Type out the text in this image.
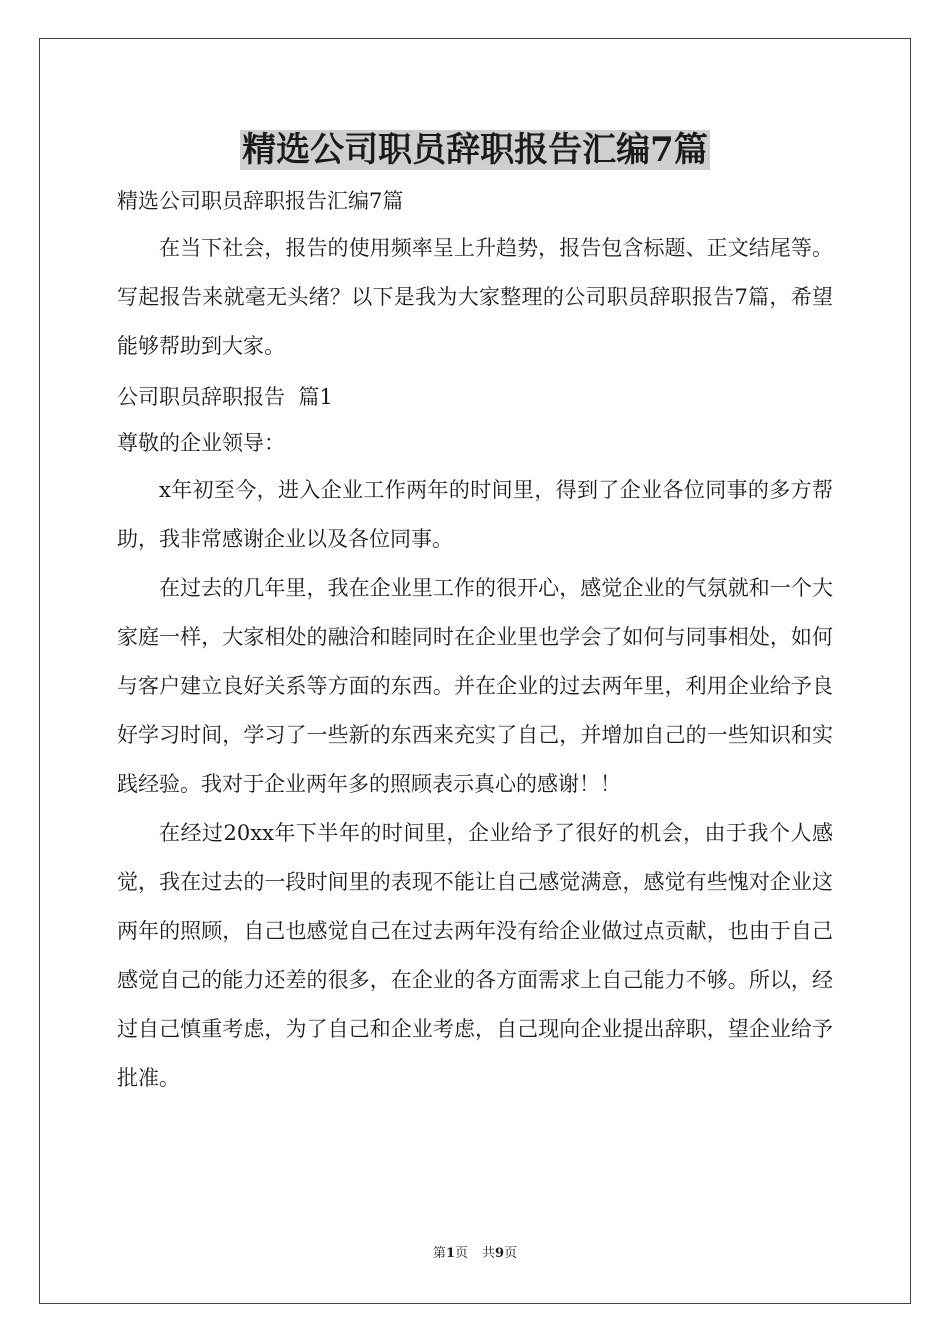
精选公司职员辞职报告汇编7篇

精选公司职员辞职报告汇编7篇

在当下社会，报告的使用频率呈上升趋势，报告包含标题、正文结尾等。写起报告来就毫无头绪？以下是我为大家整理的公司职员辞职报告7篇，希望能够帮助到大家。

公司职员辞职报告  篇1

尊敬的企业领导：

x年初至今，进入企业工作两年的时间里，得到了企业各位同事的多方帮助，我非常感谢企业以及各位同事。

在过去的几年里，我在企业里工作的很开心，感觉企业的气氛就和一个大家庭一样，大家相处的融洽和睦同时在企业里也学会了如何与同事相处，如何与客户建立良好关系等方面的东西。并在企业的过去两年里，利用企业给予良好学习时间，学习了一些新的东西来充实了自己，并增加自己的一些知识和实践经验。我对于企业两年多的照顾表示真心的感谢！！

在经过20xx年下半年的时间里，企业给予了很好的机会，由于我个人感觉，我在过去的一段时间里的表现不能让自己感觉满意，感觉有些愧对企业这两年的照顾，自己也感觉自己在过去两年没有给企业做过点贡献，也由于自己感觉自己的能力还差的很多，在企业的各方面需求上自己能力不够。所以，经过自己慎重考虑，为了自己和企业考虑，自己现向企业提出辞职，望企业给予批准。

第1页 共9页
